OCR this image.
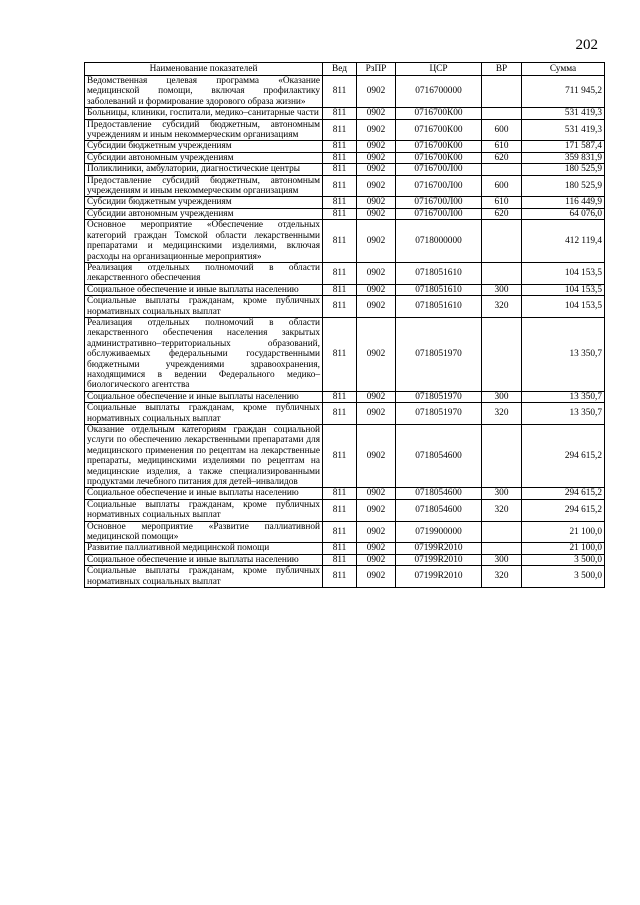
202
Наименование показателей	Вед	РзПР	ЦСР	ВР	Сумма
Ведомственная целевая программа «Оказание медицинской помощи, включая профилактику заболеваний и формирование здорового образа жизни»	811	0902	0716700000		711 945,2
Больницы, клиники, госпитали, медико–санитарные части	811	0902	0716700К00		531 419,3
Предоставление субсидий бюджетным, автономным учреждениям и иным некоммерческим организациям	811	0902	0716700К00	600	531 419,3
Субсидии бюджетным учреждениям	811	0902	0716700К00	610	171 587,4
Субсидии автономным учреждениям	811	0902	0716700К00	620	359 831,9
Поликлиники, амбулатории, диагностические центры	811	0902	0716700Л00		180 525,9
Предоставление субсидий бюджетным, автономным учреждениям и иным некоммерческим организациям	811	0902	0716700Л00	600	180 525,9
Субсидии бюджетным учреждениям	811	0902	0716700Л00	610	116 449,9
Субсидии автономным учреждениям	811	0902	0716700Л00	620	64 076,0
Основное мероприятие «Обеспечение отдельных категорий граждан Томской области лекарственными препаратами и медицинскими изделиями, включая расходы на организационные мероприятия»	811	0902	0718000000		412 119,4
Реализация отдельных полномочий в области лекарственного обеспечения	811	0902	0718051610		104 153,5
Социальное обеспечение и иные выплаты населению	811	0902	0718051610	300	104 153,5
Социальные выплаты гражданам, кроме публичных нормативных социальных выплат	811	0902	0718051610	320	104 153,5
Реализация отдельных полномочий в области лекарственного обеспечения населения закрытых административно–территориальных образований, обслуживаемых федеральными государственными бюджетными учреждениями здравоохранения, находящимися в ведении Федерального медико–биологического агентства	811	0902	0718051970		13 350,7
Социальное обеспечение и иные выплаты населению	811	0902	0718051970	300	13 350,7
Социальные выплаты гражданам, кроме публичных нормативных социальных выплат	811	0902	0718051970	320	13 350,7
Оказание отдельным категориям граждан социальной услуги по обеспечению лекарственными препаратами для медицинского применения по рецептам на лекарственные препараты, медицинскими изделиями по рецептам на медицинские изделия, а также специализированными продуктами лечебного питания для детей–инвалидов	811	0902	0718054600		294 615,2
Социальное обеспечение и иные выплаты населению	811	0902	0718054600	300	294 615,2
Социальные выплаты гражданам, кроме публичных нормативных социальных выплат	811	0902	0718054600	320	294 615,2
Основное мероприятие «Развитие паллиативной медицинской помощи»	811	0902	0719900000		21 100,0
Развитие паллиативной медицинской помощи	811	0902	07199R2010		21 100,0
Социальное обеспечение и иные выплаты населению	811	0902	07199R2010	300	3 500,0
Социальные выплаты гражданам, кроме публичных нормативных социальных выплат	811	0902	07199R2010	320	3 500,0
